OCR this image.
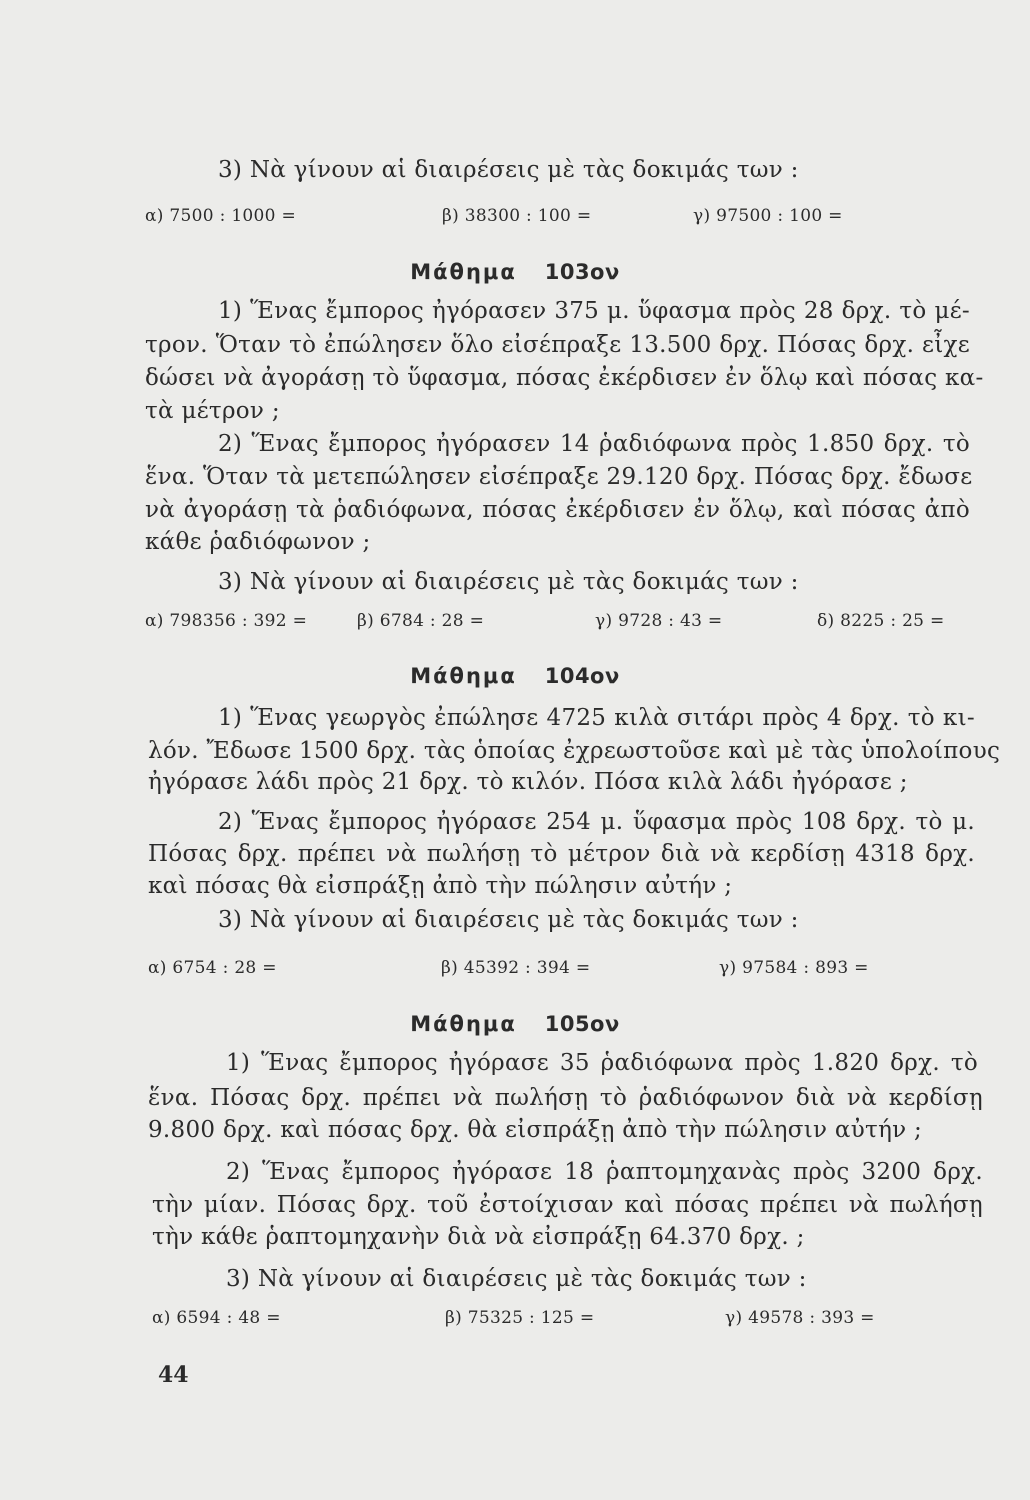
3) Νὰ γίνουν αἱ διαιρέσεις μὲ τὰς δοκιμάς των :
α) 7500 : 1000 =	β) 38300 : 100 =	γ) 97500 : 100 =
Μάθημα 103ον
1) Ἕνας ἔμπορος ἠγόρασεν 375 μ. ὕφασμα πρὸς 28 δρχ. τὸ μέ-
τρον. Ὅταν τὸ ἐπώλησεν ὅλο εἰσέπραξε 13.500 δρχ. Πόσας δρχ. εἶχε
δώσει νὰ ἀγοράσῃ τὸ ὕφασμα, πόσας ἐκέρδισεν ἐν ὅλῳ καὶ πόσας κα-
τὰ μέτρον ;
2) Ἕνας ἔμπορος ἠγόρασεν 14 ῥαδιόφωνα πρὸς 1.850 δρχ. τὸ
ἕνα. Ὅταν τὰ μετεπώλησεν εἰσέπραξε 29.120 δρχ. Πόσας δρχ. ἔδωσε
νὰ ἀγοράσῃ τὰ ῥαδιόφωνα, πόσας ἐκέρδισεν ἐν ὅλῳ, καὶ πόσας ἀπὸ
κάθε ῥαδιόφωνον ;
3) Νὰ γίνουν αἱ διαιρέσεις μὲ τὰς δοκιμάς των :
α) 798356 : 392 =	β) 6784 : 28 =	γ) 9728 : 43 =	δ) 8225 : 25 =
Μάθημα 104ον
1) Ἕνας γεωργὸς ἐπώλησε 4725 κιλὰ σιτάρι πρὸς 4 δρχ. τὸ κι-
λόν. Ἔδωσε 1500 δρχ. τὰς ὁποίας ἐχρεωστοῦσε καὶ μὲ τὰς ὑπολοίπους
ἠγόρασε λάδι πρὸς 21 δρχ. τὸ κιλόν. Πόσα κιλὰ λάδι ἠγόρασε ;
2) Ἕνας ἔμπορος ἠγόρασε 254 μ. ὕφασμα πρὸς 108 δρχ. τὸ μ.
Πόσας δρχ. πρέπει νὰ πωλήσῃ τὸ μέτρον διὰ νὰ κερδίσῃ 4318 δρχ.
καὶ πόσας θὰ εἰσπράξῃ ἀπὸ τὴν πώλησιν αὐτήν ;
3) Νὰ γίνουν αἱ διαιρέσεις μὲ τὰς δοκιμάς των :
α) 6754 : 28 =	β) 45392 : 394 =	γ) 97584 : 893 =
Μάθημα 105ον
1) Ἕνας ἔμπορος ἠγόρασε 35 ῥαδιόφωνα πρὸς 1.820 δρχ. τὸ
ἕνα. Πόσας δρχ. πρέπει νὰ πωλήσῃ τὸ ῥαδιόφωνον διὰ νὰ κερδίσῃ
9.800 δρχ. καὶ πόσας δρχ. θὰ εἰσπράξῃ ἀπὸ τὴν πώλησιν αὐτήν ;
2) Ἕνας ἔμπορος ἠγόρασε 18 ῥαπτομηχανὰς πρὸς 3200 δρχ.
τὴν μίαν. Πόσας δρχ. τοῦ ἐστοίχισαν καὶ πόσας πρέπει νὰ πωλήσῃ
τὴν κάθε ῥαπτομηχανὴν διὰ νὰ εἰσπράξῃ 64.370 δρχ. ;
3) Νὰ γίνουν αἱ διαιρέσεις μὲ τὰς δοκιμάς των :
α) 6594 : 48 =	β) 75325 : 125 =	γ) 49578 : 393 =
44
